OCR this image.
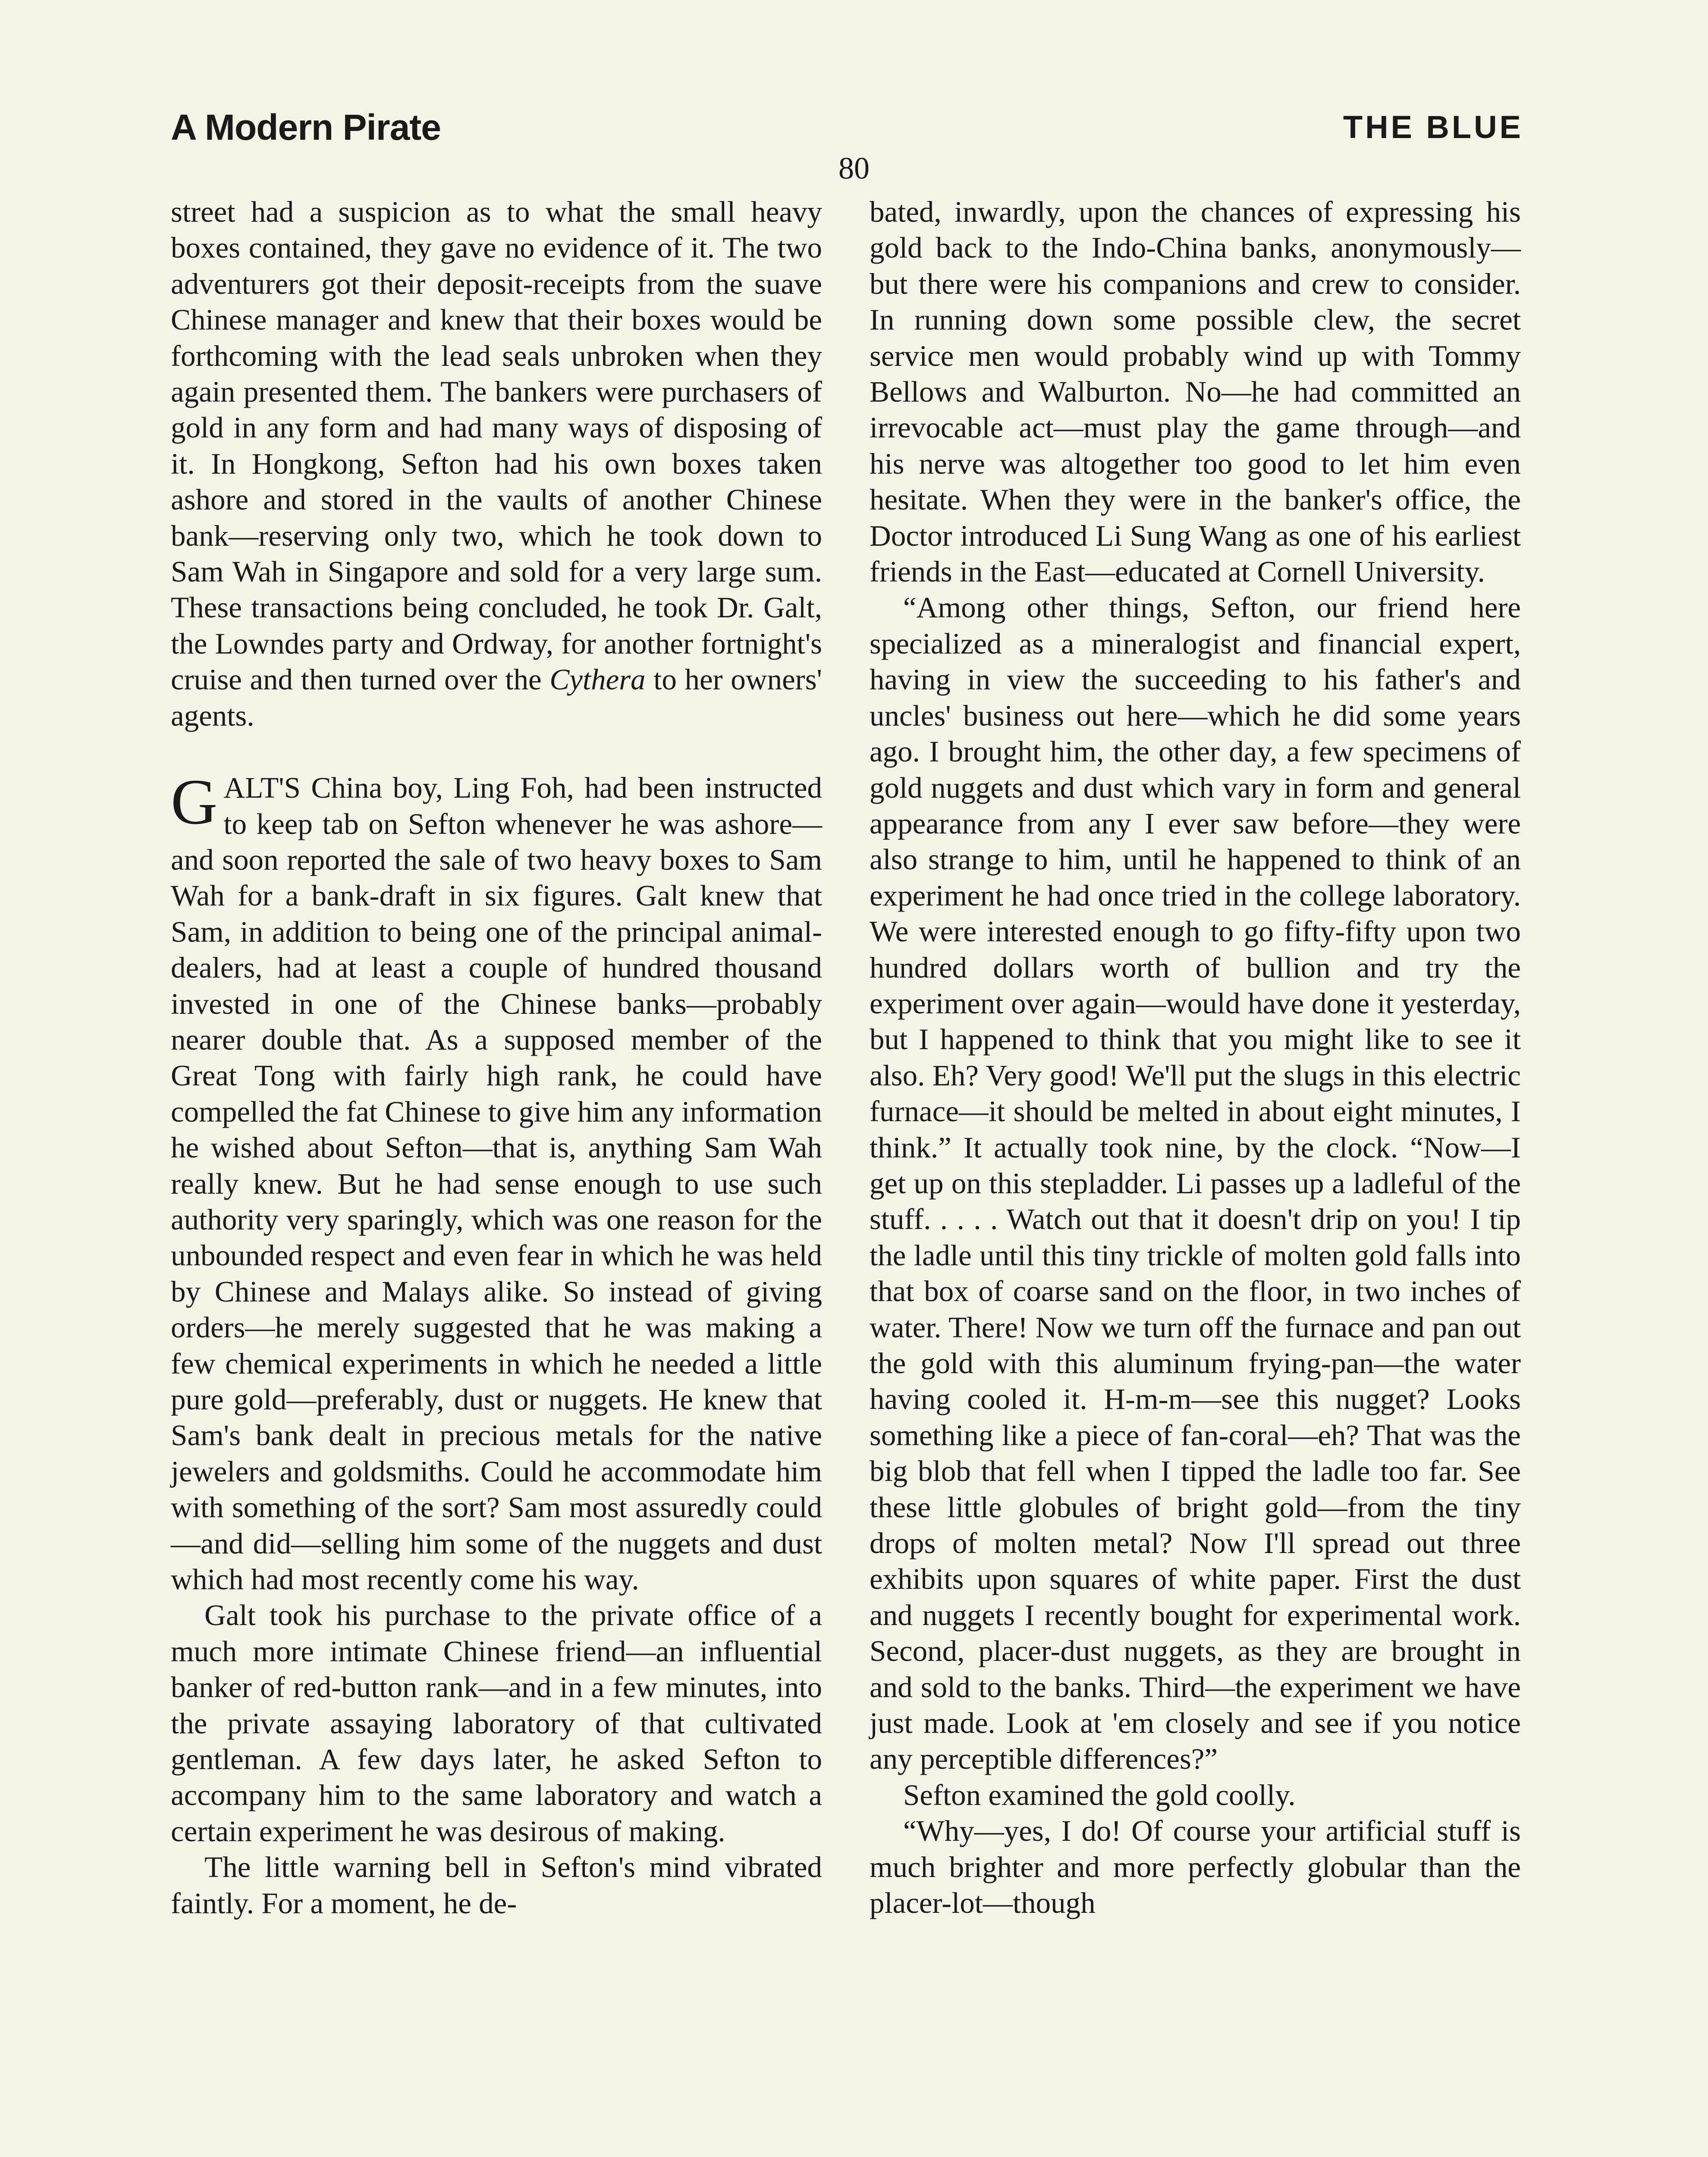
A Modern Pirate	THE BLUE
80

street had a suspicion as to what the small heavy boxes contained, they gave no evidence of it. The two adventurers got their deposit-receipts from the suave Chinese manager and knew that their boxes would be forthcoming with the lead seals unbroken when they again presented them. The bankers were purchasers of gold in any form and had many ways of disposing of it. In Hongkong, Sefton had his own boxes taken ashore and stored in the vaults of another Chinese bank—reserving only two, which he took down to Sam Wah in Singapore and sold for a very large sum. These transactions being concluded, he took Dr. Galt, the Lowndes party and Ordway, for another fortnight's cruise and then turned over the Cythera to her owners' agents.

GALT'S China boy, Ling Foh, had been instructed to keep tab on Sefton whenever he was ashore—and soon reported the sale of two heavy boxes to Sam Wah for a bank-draft in six figures. Galt knew that Sam, in addition to being one of the principal animal-dealers, had at least a couple of hundred thousand invested in one of the Chinese banks—probably nearer double that. As a supposed member of the Great Tong with fairly high rank, he could have compelled the fat Chinese to give him any information he wished about Sefton—that is, anything Sam Wah really knew. But he had sense enough to use such authority very sparingly, which was one reason for the unbounded respect and even fear in which he was held by Chinese and Malays alike. So instead of giving orders—he merely suggested that he was making a few chemical experiments in which he needed a little pure gold—preferably, dust or nuggets. He knew that Sam's bank dealt in precious metals for the native jewelers and goldsmiths. Could he accommodate him with something of the sort? Sam most assuredly could—and did—selling him some of the nuggets and dust which had most recently come his way.

Galt took his purchase to the private office of a much more intimate Chinese friend—an influential banker of red-button rank—and in a few minutes, into the private assaying laboratory of that cultivated gentleman. A few days later, he asked Sefton to accompany him to the same laboratory and watch a certain experiment he was desirous of making.

The little warning bell in Sefton's mind vibrated faintly. For a moment, he de-

bated, inwardly, upon the chances of expressing his gold back to the Indo-China banks, anonymously—but there were his companions and crew to consider. In running down some possible clew, the secret service men would probably wind up with Tommy Bellows and Walburton. No—he had committed an irrevocable act—must play the game through—and his nerve was altogether too good to let him even hesitate. When they were in the banker's office, the Doctor introduced Li Sung Wang as one of his earliest friends in the East—educated at Cornell University.

“Among other things, Sefton, our friend here specialized as a mineralogist and financial expert, having in view the succeeding to his father's and uncles' business out here—which he did some years ago. I brought him, the other day, a few specimens of gold nuggets and dust which vary in form and general appearance from any I ever saw before—they were also strange to him, until he happened to think of an experiment he had once tried in the college laboratory. We were interested enough to go fifty-fifty upon two hundred dollars worth of bullion and try the experiment over again—would have done it yesterday, but I happened to think that you might like to see it also. Eh? Very good! We'll put the slugs in this electric furnace—it should be melted in about eight minutes, I think.” It actually took nine, by the clock. “Now—I get up on this stepladder. Li passes up a ladleful of the stuff. . . . . Watch out that it doesn't drip on you! I tip the ladle until this tiny trickle of molten gold falls into that box of coarse sand on the floor, in two inches of water. There! Now we turn off the furnace and pan out the gold with this aluminum frying-pan—the water having cooled it. H-m-m—see this nugget? Looks something like a piece of fan-coral—eh? That was the big blob that fell when I tipped the ladle too far. See these little globules of bright gold—from the tiny drops of molten metal? Now I'll spread out three exhibits upon squares of white paper. First the dust and nuggets I recently bought for experimental work. Second, placer-dust nuggets, as they are brought in and sold to the banks. Third—the experiment we have just made. Look at 'em closely and see if you notice any perceptible differences?”

Sefton examined the gold coolly.

“Why—yes, I do! Of course your artificial stuff is much brighter and more perfectly globular than the placer-lot—though
